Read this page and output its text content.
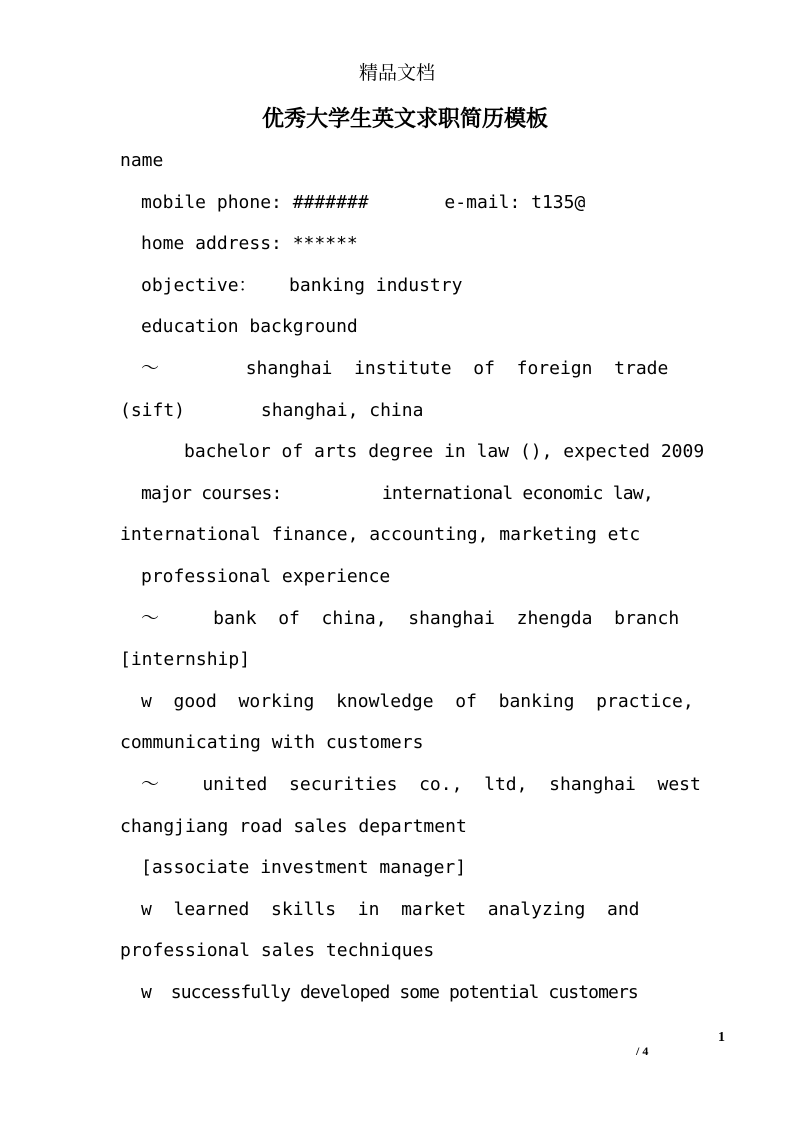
精品文档
优秀大学生英文求职简历模板
name
mobile phone: #######       e-mail: t135@
home address: ******
objective：   banking industry
education background
～        shanghai  institute  of  foreign  trade
(sift)       shanghai, china
bachelor of arts degree in law (), expected 2009
major courses:          international economic law,
international finance, accounting, marketing etc
professional experience
～     bank  of  china,  shanghai  zhengda  branch
[internship]
w  good  working  knowledge  of  banking  practice,
communicating with customers
～    united  securities  co.,  ltd,  shanghai  west
changjiang road sales department
[associate investment manager]
w  learned  skills  in  market  analyzing  and
professional sales techniques
w  successfully developed some potential customers
1
/ 4
